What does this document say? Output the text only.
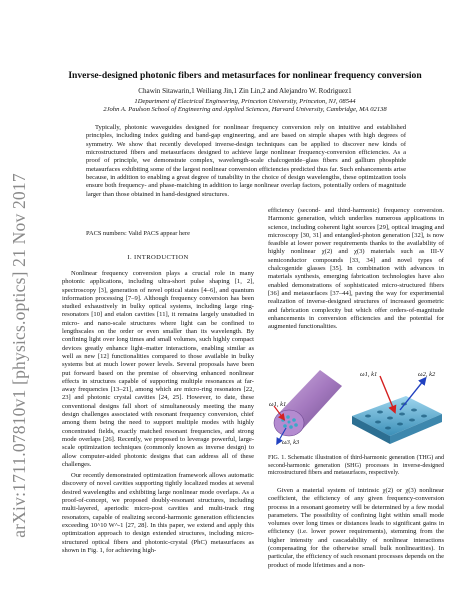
arXiv:1711.07810v1 [physics.optics] 21 Nov 2017
Inverse-designed photonic fibers and metasurfaces for nonlinear frequency conversion
Chawin Sitawarin,1 Weiliang Jin,1 Zin Lin,2 and Alejandro W. Rodriguez1
1Department of Electrical Engineering, Princeton University, Princeton, NJ, 08544
2John A. Paulson School of Engineering and Applied Sciences, Harvard University, Cambridge, MA 02138
Typically, photonic waveguides designed for nonlinear frequency conversion rely on intuitive and established principles, including index guiding and band-gap engineering, and are based on simple shapes with high degrees of symmetry. We show that recently developed inverse-design techniques can be applied to discover new kinds of microstructured fibers and metasurfaces designed to achieve large nonlinear frequency-conversion efficiencies. As a proof of principle, we demonstrate complex, wavelength-scale chalcogenide–glass fibers and gallium phosphide metasurfaces exhibiting some of the largest nonlinear conversion efficiencies predicted thus far. Such enhancements arise because, in addition to enabling a great degree of tunability in the choice of design wavelengths, these optimization tools ensure both frequency- and phase-matching in addition to large nonlinear overlap factors, potentially orders of magnitude larger than those obtained in hand-designed structures.
PACS numbers: Valid PACS appear here
I. INTRODUCTION

Nonlinear frequency conversion plays a crucial role in many photonic applications, including ultra-short pulse shaping [1, 2], spectroscopy [3], generation of novel optical states [4–6], and quantum information processing [7–9]. Although frequency conversion has been studied exhaustively in bulky optical systems, including large ring-resonators [10] and etalon cavities [11], it remains largely unstudied in micro- and nano-scale structures where light can be confined to lengthscales on the order or even smaller than its wavelength. By confining light over long times and small volumes, such highly compact devices greatly enhance light–matter interactions, enabling similar as well as new [12] functionalities compared to those available in bulky systems but at much lower power levels. Several proposals have been put forward based on the premise of observing enhanced nonlinear effects in structures capable of supporting multiple resonances at far-away frequencies [13–21], among which are micro-ring resonators [22, 23] and photonic crystal cavities [24, 25]. However, to date, these conventional designs fall short of simultaneously meeting the many design challenges associated with resonant frequency conversion, chief among them being the need to support multiple modes with highly concentrated fields, exactly matched resonant frequencies, and strong mode overlaps [26]. Recently, we proposed to leverage powerful, large-scale optimization techniques (commonly known as inverse design) to allow computer-aided photonic designs that can address all of these challenges.

Our recently demonstrated optimization framework allows automatic discovery of novel cavities supporting tightly localized modes at several desired wavelengths and exhibiting large nonlinear mode overlaps. As a proof-of-concept, we proposed doubly-resonant structures, including multi-layered, aperiodic micro-post cavities and multi-track ring resonators, capable of realizing second-harmonic generation efficiencies exceeding 10^10 W^-1 [27, 28]. In this paper, we extend and apply this optimization approach to design extended structures, including micro-structured optical fibers and photonic-crystal (PhC) metasurfaces as shown in Fig. 1, for achieving high-

efficiency (second- and third-harmonic) frequency conversion. Harmonic generation, which underlies numerous applications in science, including coherent light sources [29], optical imaging and microscopy [30, 31] and entangled-photon generation [32], is now feasible at lower power requirements thanks to the availability of highly nonlinear χ(2) and χ(3) materials such as III-V semiconductor compounds [33, 34] and novel types of chalcogenide glasses [35]. In combination with advances in materials synthesis, emerging fabrication technologies have also enabled demonstrations of sophisticated micro-structured fibers [36] and metasurfaces [37–44], paving the way for experimental realization of inverse-designed structures of increased geometric and fabrication complexity but which offer orders-of-magnitude enhancements in conversion efficiencies and the potential for augmented functionalities.

ω1, k1
ω3, k3
ω1, k1	ω2, k2
FIG. 1. Schematic illustration of third-harmonic generation (THG) and second-harmonic generation (SHG) processes in inverse-designed microstructured fibers and metasurfaces, respectively.

Given a material system of intrinsic χ(2) or χ(3) nonlinear coefficient, the efficiency of any given frequency-conversion process in a resonant geometry will be determined by a few modal parameters. The possibility of confining light within small mode volumes over long times or distances leads to significant gains in efficiency (i.e. lower power requirements), stemming from the higher intensity and cascadability of nonlinear interactions (compensating for the otherwise small bulk nonlinearities). In particular, the efficiency of such resonant processes depends on the product of mode lifetimes and a non-
